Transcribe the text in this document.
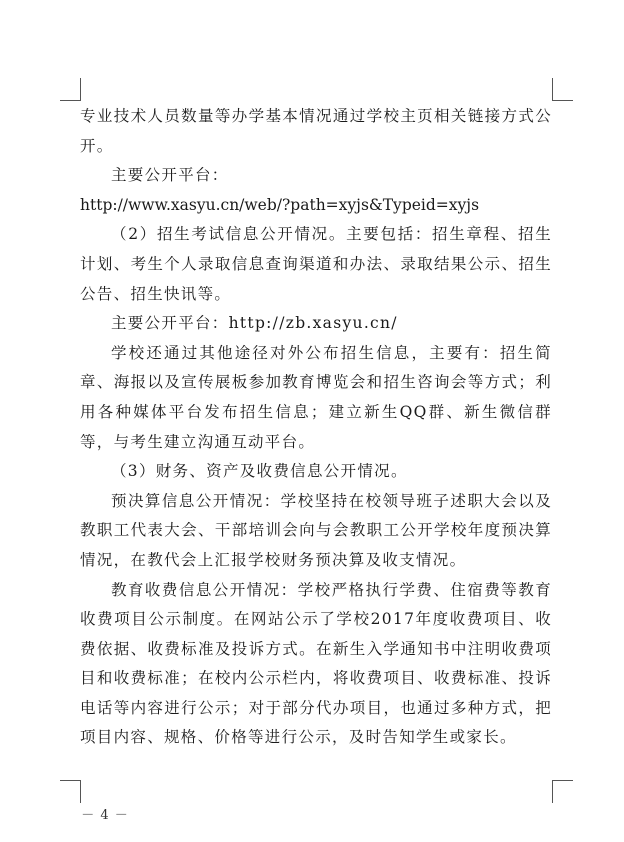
专业技术人员数量等办学基本情况通过学校主页相关链接方式公开。

主要公开平台：

http://www.xasyu.cn/web/?path=xyjs&Typeid=xyjs

（2）招生考试信息公开情况。主要包括：招生章程、招生计划、考生个人录取信息查询渠道和办法、录取结果公示、招生公告、招生快讯等。

主要公开平台：http://zb.xasyu.cn/

学校还通过其他途径对外公布招生信息，主要有：招生简章、海报以及宣传展板参加教育博览会和招生咨询会等方式；利用各种媒体平台发布招生信息；建立新生QQ群、新生微信群等，与考生建立沟通互动平台。

（3）财务、资产及收费信息公开情况。

预决算信息公开情况：学校坚持在校领导班子述职大会以及教职工代表大会、干部培训会向与会教职工公开学校年度预决算情况，在教代会上汇报学校财务预决算及收支情况。

教育收费信息公开情况：学校严格执行学费、住宿费等教育收费项目公示制度。在网站公示了学校2017年度收费项目、收费依据、收费标准及投诉方式。在新生入学通知书中注明收费项目和收费标准；在校内公示栏内，将收费项目、收费标准、投诉电话等内容进行公示；对于部分代办项目，也通过多种方式，把项目内容、规格、价格等进行公示，及时告知学生或家长。

－ 4 －
